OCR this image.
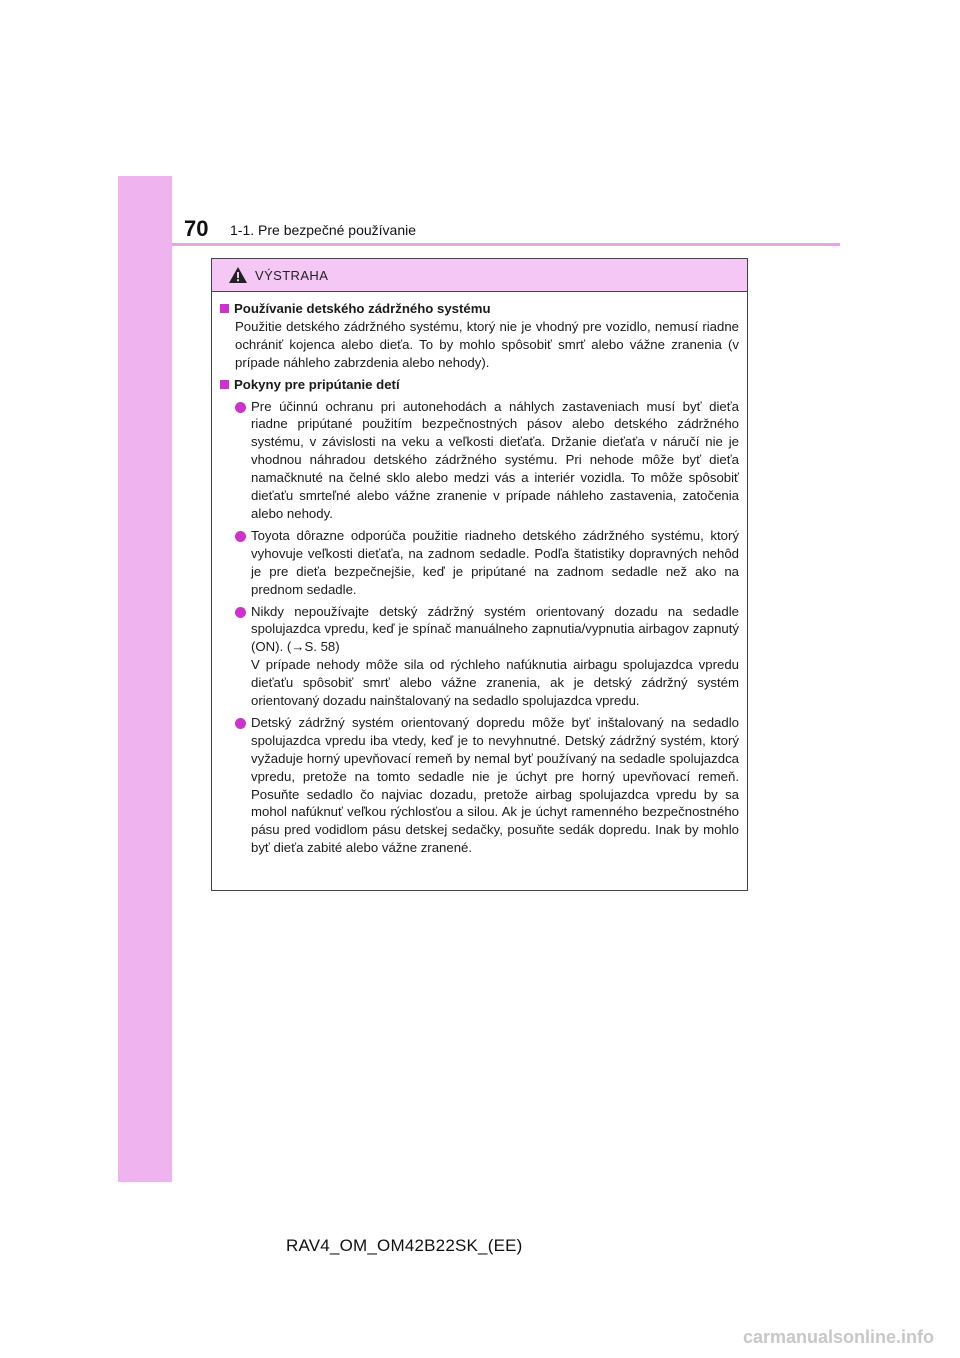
70 1-1. Pre bezpečné používanie
VÝSTRAHA
Používanie detského zádržného systému
Použitie detského zádržného systému, ktorý nie je vhodný pre vozidlo, nemusí riadne ochrániť kojenca alebo dieťa. To by mohlo spôsobiť smrť alebo vážne zranenia (v prípade náhleho zabrzdenia alebo nehody).
Pokyny pre pripútanie detí
Pre účinnú ochranu pri autonehodách a náhlych zastaveniach musí byť dieťa riadne pripútané použitím bezpečnostných pásov alebo detského zádržného systému, v závislosti na veku a veľkosti dieťaťa. Držanie dieťaťa v náručí nie je vhodnou náhradou detského zádržného systému. Pri nehode môže byť dieťa namačknuté na čelné sklo alebo medzi vás a interiér vozidla. To môže spôsobiť dieťaťu smrteľné alebo vážne zranenie v prípade náhleho zastavenia, zatočenia alebo nehody.
Toyota dôrazne odporúča použitie riadneho detského zádržného systému, ktorý vyhovuje veľkosti dieťaťa, na zadnom sedadle. Podľa štatistiky dopravných nehôd je pre dieťa bezpečnejšie, keď je pripútané na zadnom sedadle než ako na prednom sedadle.
Nikdy nepoužívajte detský zádržný systém orientovaný dozadu na sedadle spolujazdca vpredu, keď je spínač manuálneho zapnutia/vypnutia airbagov zapnutý (ON). (→S. 58)
V prípade nehody môže sila od rýchleho nafúknutia airbagu spolujazdca vpredu dieťaťu spôsobiť smrť alebo vážne zranenia, ak je detský zádržný systém orientovaný dozadu nainštalovaný na sedadlo spolujazdca vpredu.
Detský zádržný systém orientovaný dopredu môže byť inštalovaný na sedadlo spolujazdca vpredu iba vtedy, keď je to nevyhnutné. Detský zádržný systém, ktorý vyžaduje horný upevňovací remeň by nemal byť používaný na sedadle spolujazdca vpredu, pretože na tomto sedadle nie je úchyt pre horný upevňovací remeň. Posuňte sedadlo čo najviac dozadu, pretože airbag spolujazdca vpredu by sa mohol nafúknuť veľkou rýchlosťou a silou. Ak je úchyt ramenného bezpečnostného pásu pred vodidlom pásu detskej sedačky, posuňte sedák dopredu. Inak by mohlo byť dieťa zabité alebo vážne zranené.
RAV4_OM_OM42B22SK_(EE)
carmanualsonline.info
